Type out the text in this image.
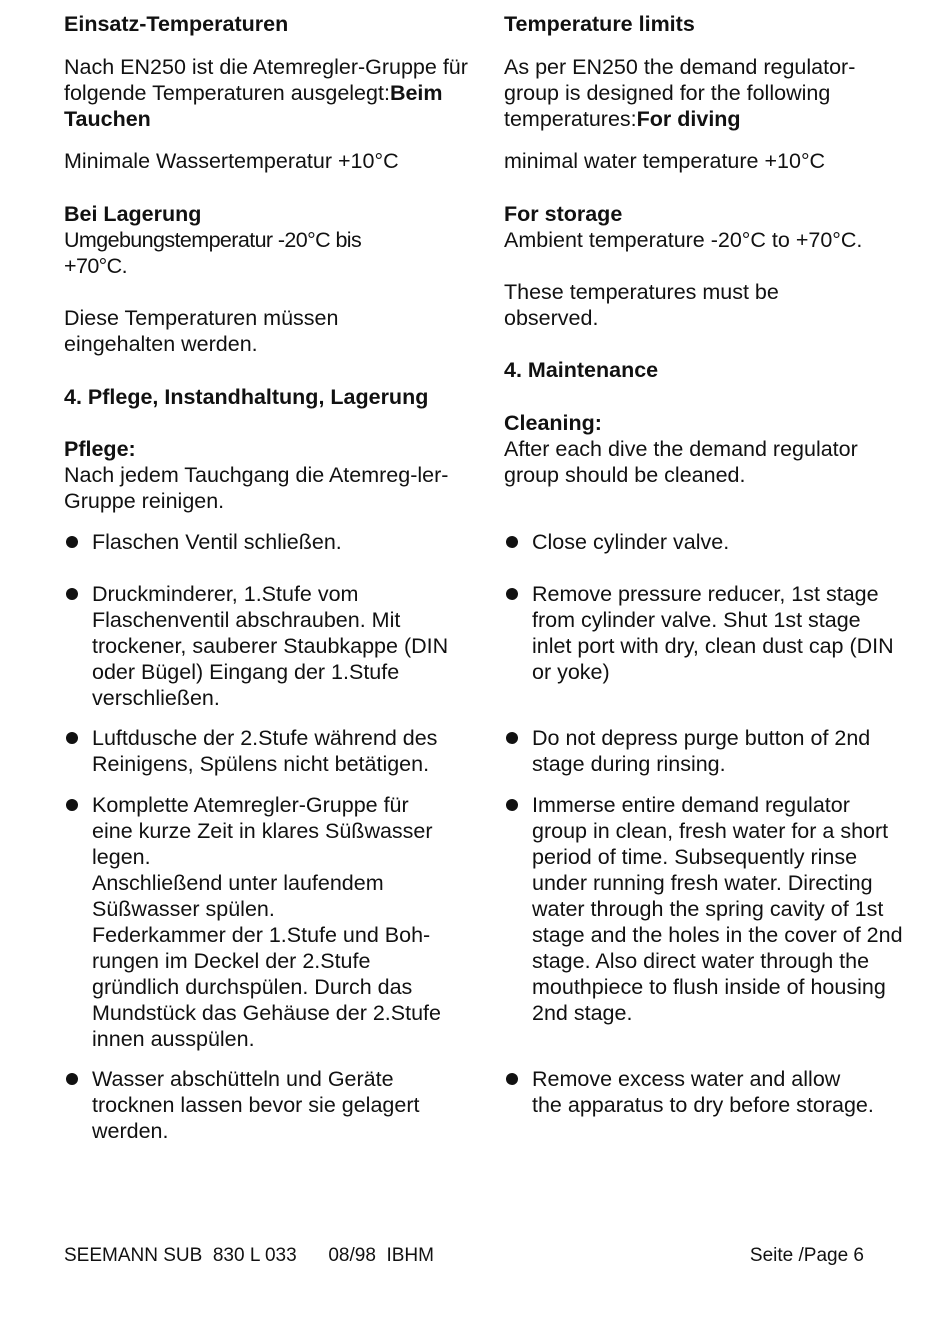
Einsatz-Temperaturen
Nach EN250 ist die Atemregler-Gruppe für folgende Temperaturen ausgelegt:Beim Tauchen
Minimale Wassertemperatur +10°C
Bei Lagerung
Umgebungstemperatur -20°C bis +70°C.
Diese Temperaturen müssen eingehalten werden.
4. Pflege, Instandhaltung, Lagerung
Pflege:
Nach jedem Tauchgang die Atemreg-ler-Gruppe reinigen.
Flaschen Ventil schließen.
Druckminderer, 1.Stufe vom Flaschenventil abschrauben. Mit trockener, sauberer Staubkappe (DIN oder Bügel) Eingang der 1.Stufe verschließen.
Luftdusche der 2.Stufe während des Reinigens, Spülens nicht betätigen.
Komplette Atemregler-Gruppe für eine kurze Zeit in klares Süßwasser legen.
Anschließend unter laufendem Süßwasser spülen.
Federkammer der 1.Stufe und Boh-rungen im Deckel der 2.Stufe gründlich durchspülen. Durch das Mundstück das Gehäuse der 2.Stufe innen ausspülen.
Wasser abschütteln und Geräte trocknen lassen bevor sie gelagert werden.
Temperature limits
As per EN250 the demand regulator-group is designed for the following temperatures:For diving
minimal water temperature +10°C
For storage
Ambient temperature -20°C to +70°C.
These temperatures must be observed.
4. Maintenance
Cleaning:
After each dive the demand regulator group should be cleaned.
Close cylinder valve.
Remove pressure reducer, 1st stage from cylinder valve. Shut 1st stage inlet port with dry, clean dust cap (DIN or yoke)
Do not depress purge button of 2nd stage during rinsing.
Immerse entire demand regulator group in clean, fresh water for a short period of time. Subsequently rinse under running fresh water. Directing water through the spring cavity of 1st stage and the holes in the cover of 2nd stage. Also direct water through the mouthpiece to flush inside of housing 2nd stage.
Remove excess water and allow the apparatus to dry before storage.
SEEMANN SUB  830 L 033      08/98  IBHM	Seite /Page 6
